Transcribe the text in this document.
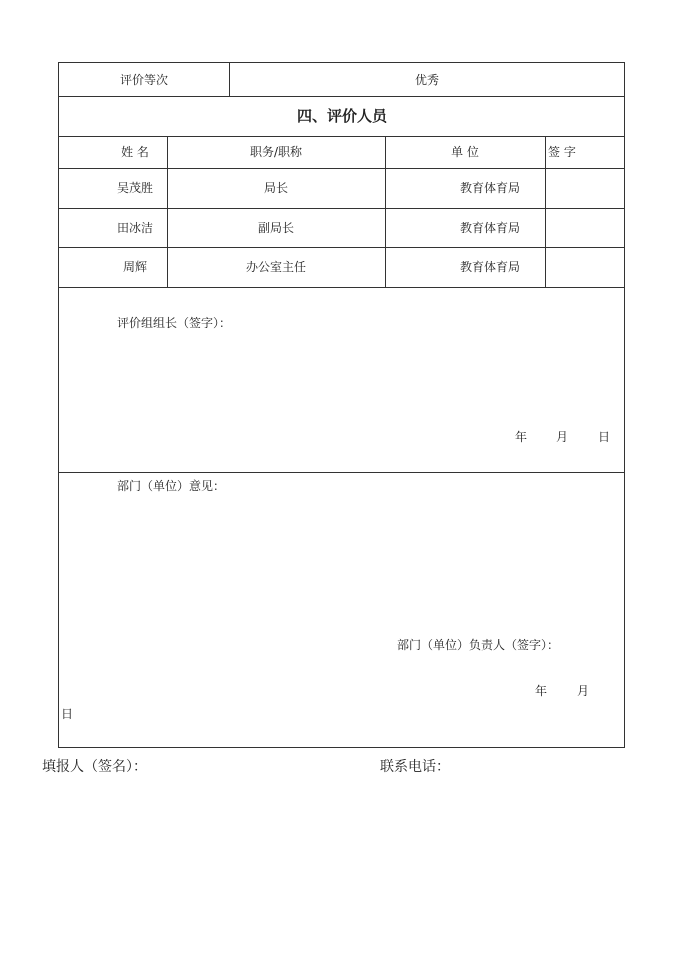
评价等次	优秀
四、评价人员
姓 名	职务/职称	单 位	签 字
吴茂胜	局长	教育体育局
田冰洁	副局长	教育体育局
周辉	办公室主任	教育体育局
评价组组长（签字）：
年 月 日
部门（单位）意见：
部门（单位）负责人（签字）：
年 月
日
填报人（签名）：	联系电话：
